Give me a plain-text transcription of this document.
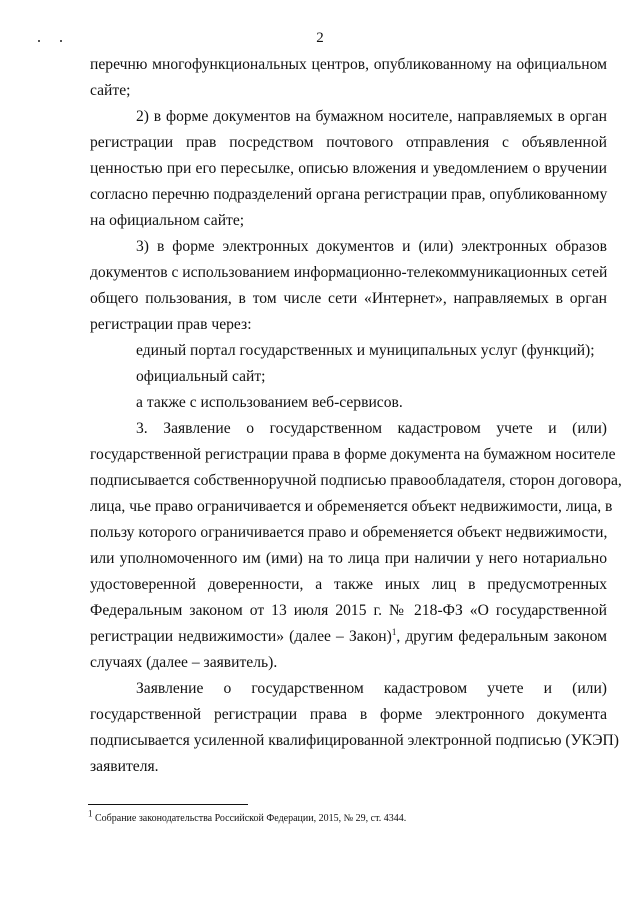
2
перечню многофункциональных центров, опубликованному на официальном
сайте;
2) в форме документов на бумажном носителе, направляемых в орган
регистрации прав посредством почтового отправления с объявленной
ценностью при его пересылке, описью вложения и уведомлением о вручении
согласно перечню подразделений органа регистрации прав, опубликованному
на официальном сайте;
3) в форме электронных документов и (или) электронных образов
документов с использованием информационно-телекоммуникационных сетей
общего пользования, в том числе сети «Интернет», направляемых в орган
регистрации прав через:
единый портал государственных и муниципальных услуг (функций);
официальный сайт;
а также с использованием веб-сервисов.
3. Заявление о государственном кадастровом учете и (или)
государственной регистрации права в форме документа на бумажном носителе
подписывается собственноручной подписью правообладателя, сторон договора,
лица, чье право ограничивается и обременяется объект недвижимости, лица, в
пользу которого ограничивается право и обременяется объект недвижимости,
или уполномоченного им (ими) на то лица при наличии у него нотариально
удостоверенной доверенности, а также иных лиц в предусмотренных
Федеральным законом от 13 июля 2015 г. № 218-ФЗ «О государственной
регистрации недвижимости» (далее – Закон)$^1$, другим федеральным законом
случаях (далее – заявитель).
Заявление о государственном кадастровом учете и (или)
государственной регистрации права в форме электронного документа
подписывается усиленной квалифицированной электронной подписью (УКЭП)
заявителя.
$^1$ Собрание законодательства Российской Федерации, 2015, № 29, ст. 4344.
